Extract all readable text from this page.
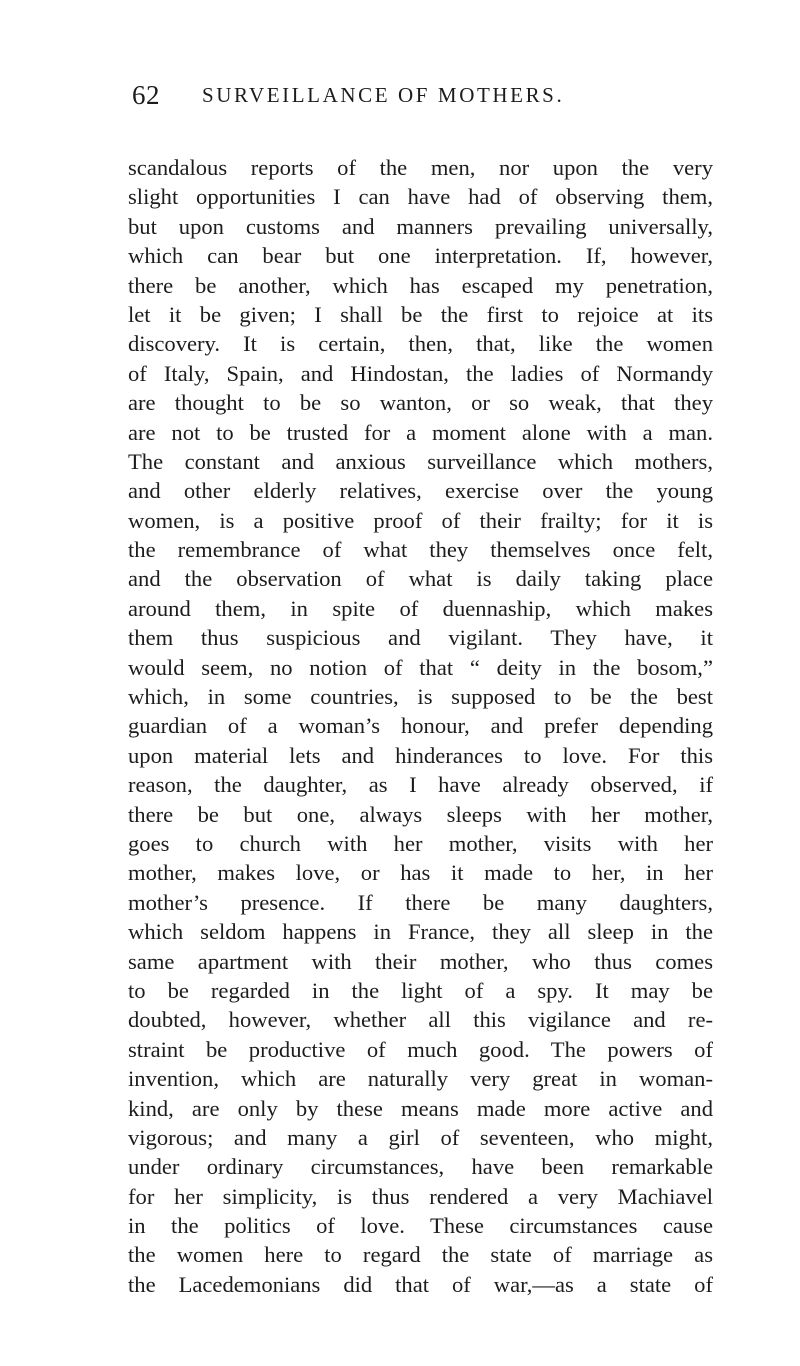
62 SURVEILLANCE OF MOTHERS.
scandalous reports of the men, nor upon the very
slight opportunities I can have had of observing them,
but upon customs and manners prevailing universally,
which can bear but one interpretation. If, however,
there be another, which has escaped my penetration,
let it be given; I shall be the first to rejoice at its
discovery. It is certain, then, that, like the women
of Italy, Spain, and Hindostan, the ladies of Normandy
are thought to be so wanton, or so weak, that they
are not to be trusted for a moment alone with a man.
The constant and anxious surveillance which mothers,
and other elderly relatives, exercise over the young
women, is a positive proof of their frailty; for it is
the remembrance of what they themselves once felt,
and the observation of what is daily taking place
around them, in spite of duennaship, which makes
them thus suspicious and vigilant. They have, it
would seem, no notion of that “ deity in the bosom,”
which, in some countries, is supposed to be the best
guardian of a woman’s honour, and prefer depending
upon material lets and hinderances to love. For this
reason, the daughter, as I have already observed, if
there be but one, always sleeps with her mother,
goes to church with her mother, visits with her
mother, makes love, or has it made to her, in her
mother’s presence. If there be many daughters,
which seldom happens in France, they all sleep in the
same apartment with their mother, who thus comes
to be regarded in the light of a spy. It may be
doubted, however, whether all this vigilance and re-
straint be productive of much good. The powers of
invention, which are naturally very great in woman-
kind, are only by these means made more active and
vigorous; and many a girl of seventeen, who might,
under ordinary circumstances, have been remarkable
for her simplicity, is thus rendered a very Machiavel
in the politics of love. These circumstances cause
the women here to regard the state of marriage as
the Lacedemonians did that of war,—as a state of
